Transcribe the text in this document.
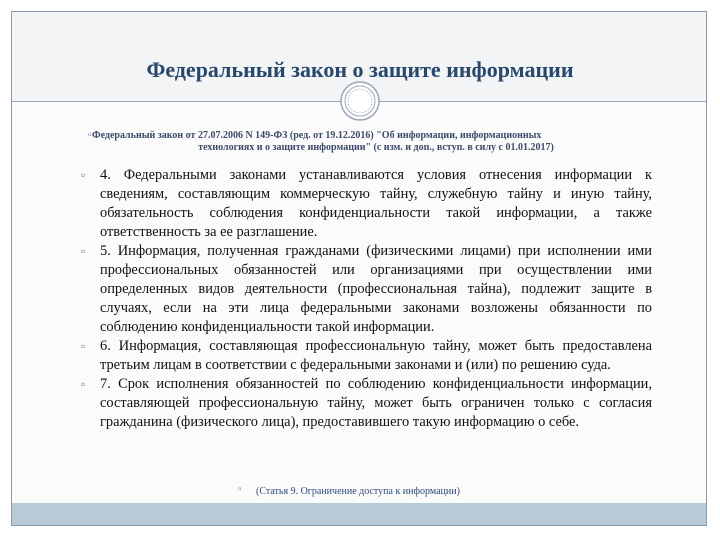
Федеральный закон о защите информации
▫ Федеральный закон от 27.07.2006 N 149-ФЗ (ред. от 19.12.2016) "Об информации, информационных
технологиях и о защите информации" (с изм. и доп., вступ. в силу с 01.01.2017)

▫ 4. Федеральными законами устанавливаются условия отнесения информации к сведениям, составляющим коммерческую тайну, служебную тайну и иную тайну, обязательность соблюдения конфиденциальности такой информации, а также ответственность за ее разглашение.
▫ 5. Информация, полученная гражданами (физическими лицами) при исполнении ими профессиональных обязанностей или организациями при осуществлении ими определенных видов деятельности (профессиональная тайна), подлежит защите в случаях, если на эти лица федеральными законами возложены обязанности по соблюдению конфиденциальности такой информации.
▫ 6. Информация, составляющая профессиональную тайну, может быть предоставлена третьим лицам в соответствии с федеральными законами и (или) по решению суда.
▫ 7. Срок исполнения обязанностей по соблюдению конфиденциальности информации, составляющей профессиональную тайну, может быть ограничен только с согласия гражданина (физического лица), предоставившего такую информацию о себе.
▫ (Статья 9. Ограничение доступа к информации)
